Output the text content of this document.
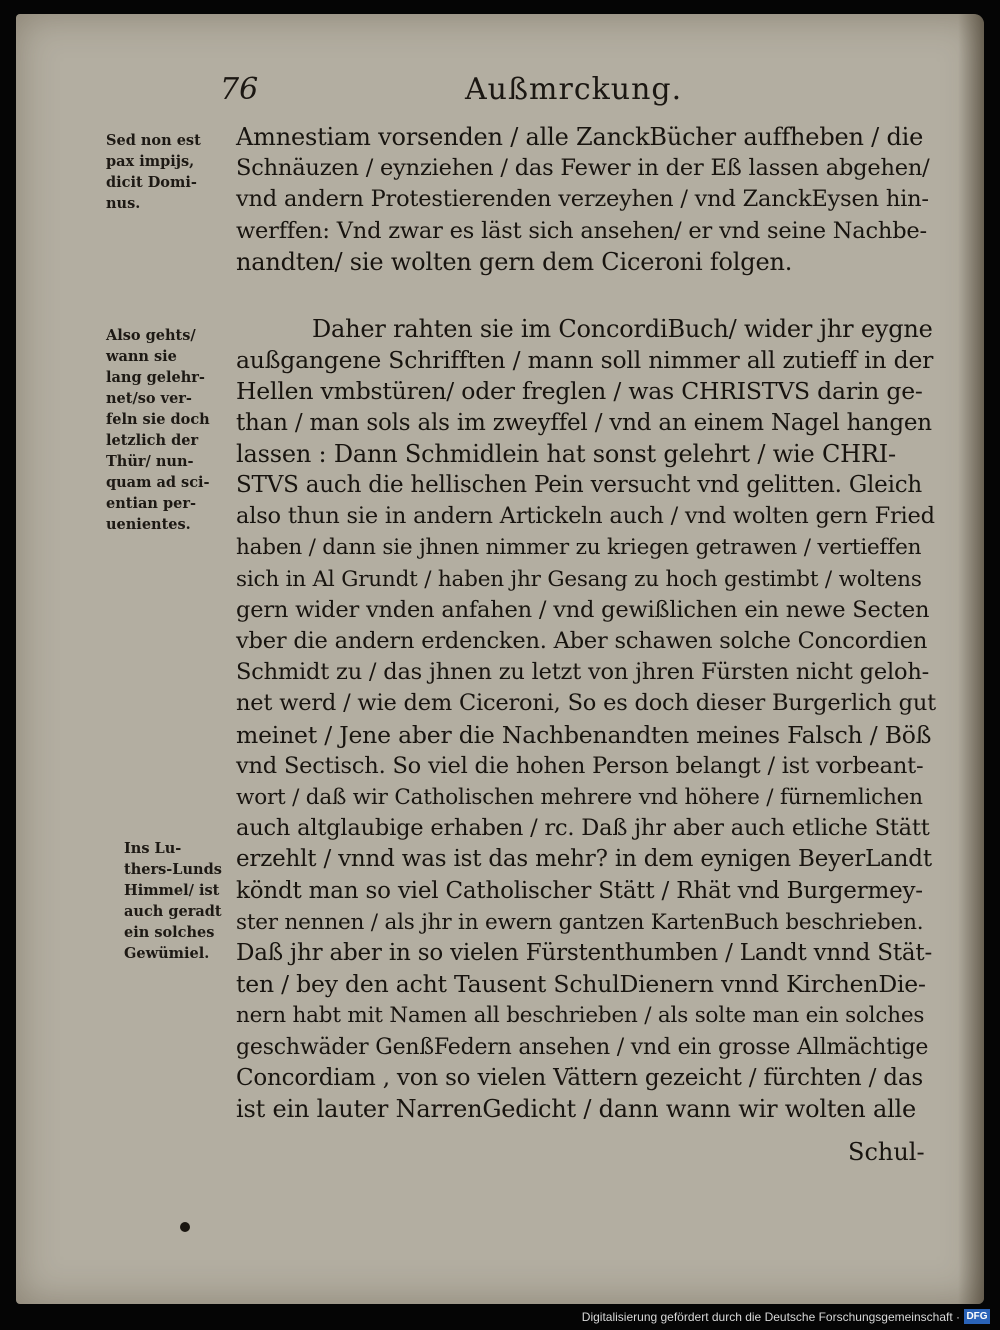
76	Außmrckung.
Sed non est
pax impijs,
dicit Domi-
nus.
Also gehts/
wann sie
lang gelehr-
net/so ver-
feln sie doch
letzlich der
Thür/ nun-
quam ad sci-
entian per-
uenientes.
Ins Lu-
thers-Lunds
Himmel/ ist
auch geradt
ein solches
Gewümiel.
Amnestiam vorsenden / alle ZanckBücher auffheben / die
Schnäuzen / eynziehen / das Fewer in der Eß lassen abgehen/
vnd andern Protestierenden verzeyhen / vnd ZanckEysen hin-
werffen: Vnd zwar es läst sich ansehen/ er vnd seine Nachbe-
nandten/ sie wolten gern dem Ciceroni folgen.
Daher rahten sie im ConcordiBuch/ wider jhr eygne
außgangene Schrifften / mann soll nimmer all zutieff in der
Hellen vmbstüren/ oder freglen / was CHRISTVS darin ge-
than / man sols als im zweyffel / vnd an einem Nagel hangen
lassen : Dann Schmidlein hat sonst gelehrt / wie CHRI-
STVS auch die hellischen Pein versucht vnd gelitten. Gleich
also thun sie in andern Artickeln auch / vnd wolten gern Fried
haben / dann sie jhnen nimmer zu kriegen getrawen / vertieffen
sich in Al Grundt / haben jhr Gesang zu hoch gestimbt / woltens
gern wider vnden anfahen / vnd gewißlichen ein newe Secten
vber die andern erdencken. Aber schawen solche Concordien
Schmidt zu / das jhnen zu letzt von jhren Fürsten nicht geloh-
net werd / wie dem Ciceroni, So es doch dieser Burgerlich gut
meinet / Jene aber die Nachbenandten meines Falsch / Böß
vnd Sectisch. So viel die hohen Person belangt / ist vorbeant-
wort / daß wir Catholischen mehrere vnd höhere / fürnemlichen
auch altglaubige erhaben / rc. Daß jhr aber auch etliche Stätt
erzehlt / vnnd was ist das mehr? in dem eynigen BeyerLandt
köndt man so viel Catholischer Stätt / Rhät vnd Burgermey-
ster nennen / als jhr in ewern gantzen KartenBuch beschrieben.
Daß jhr aber in so vielen Fürstenthumben / Landt vnnd Stät-
ten / bey den acht Tausent SchulDienern vnnd KirchenDie-
nern habt mit Namen all beschrieben / als solte man ein solches
geschwäder GenßFedern ansehen / vnd ein grosse Allmächtige
Concordiam , von so vielen Vättern gezeicht / fürchten / das
ist ein lauter NarrenGedicht / dann wann wir wolten alle
Schul-
Digitalisierung gefördert durch die Deutsche Forschungsgemeinschaft · DFG
